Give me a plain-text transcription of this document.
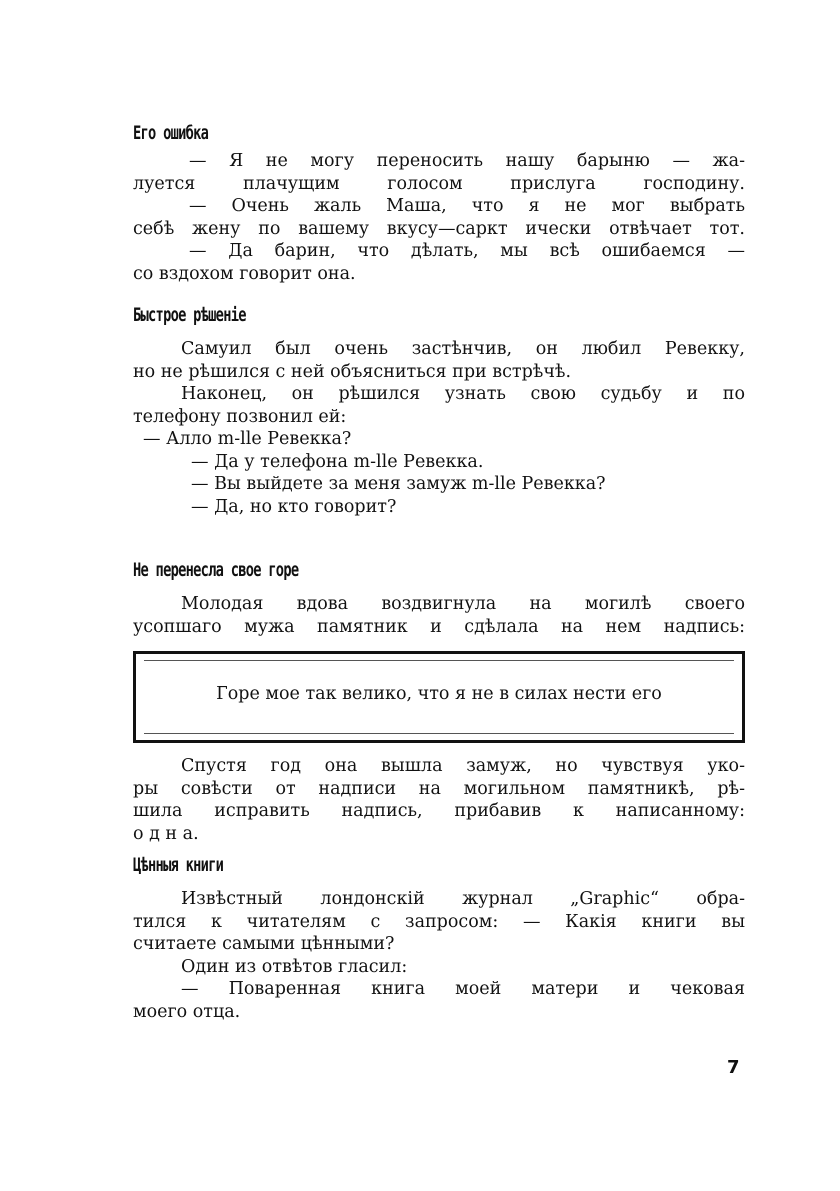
Его ошибка

— Я не могу переносить нашу барыню — жа-

луется плачущим голосом прислуга господину.

— Очень жаль Маша, что я не мог выбрать

себѣ жену по вашему вкусу—саркт ически отвѣчает тот.

— Да барин, что дѣлать, мы всѣ ошибаемся —

со вздохом говорит она.

Быстрое рѣшеніе

Самуил был очень застѣнчив, он любил Ревекку,

но не рѣшился с ней объясниться при встрѣчѣ.

Наконец, он рѣшился узнать свою судьбу и по

телефону позвонил ей:

— Алло m-lle Ревекка?

— Да у телефона m-lle Ревекка.

— Вы выйдете за меня замуж m-lle Ревекка?

— Да, но кто говорит?

Не перенесла свое горе

Молодая вдова воздвигнула на могилѣ своего

усопшаго мужа памятник и сдѣлала на нем надпись:

Горе мое так велико, что я не в силах нести его

Спустя год она вышла замуж, но чувствуя уко-

ры совѣсти от надписи на могильном памятникѣ, рѣ-

шила исправить надпись, прибавив к написанному:

о д н а.

Цѣнныя книги

Извѣстный лондонскій журнал „Graphic“ обра-

тился к читателям с запросом: — Какія книги вы

считаете самыми цѣнными?

Один из отвѣтов гласил:

— Поваренная книга моей матери и чековая

моего отца.

7
